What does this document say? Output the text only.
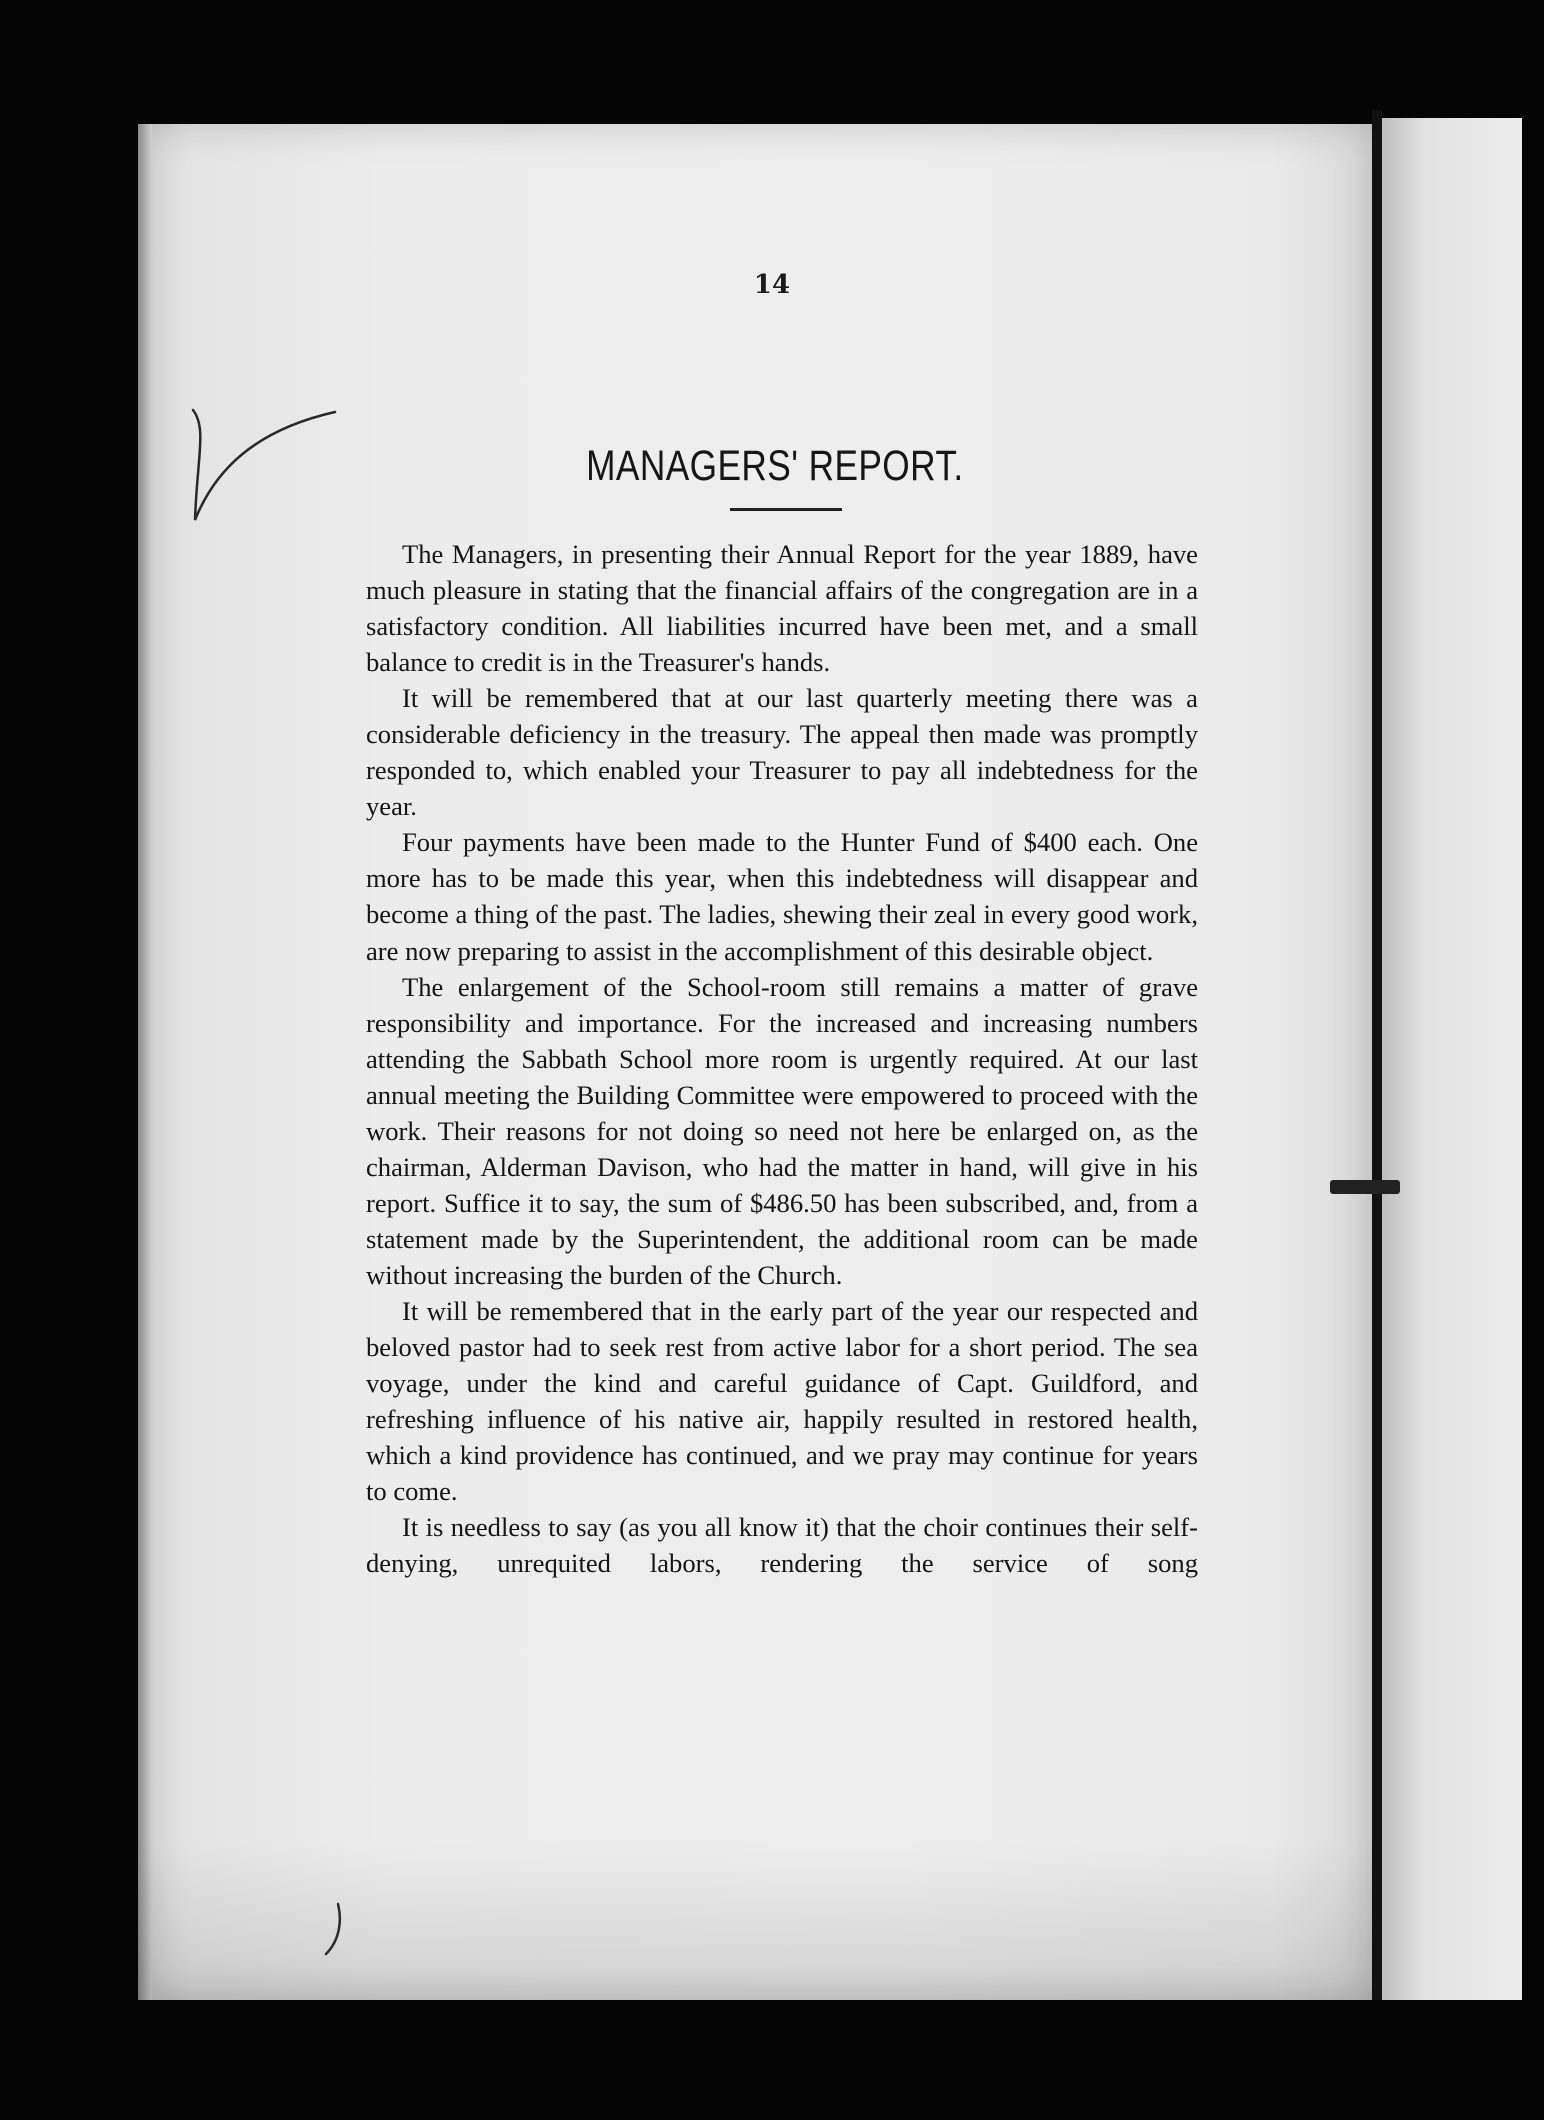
14
MANAGERS' REPORT.

The Managers, in presenting their Annual Report for the year 1889, have much pleasure in stating that the financial affairs of the congregation are in a satisfactory condition. All liabilities incurred have been met, and a small balance to credit is in the Treasurer's hands.

It will be remembered that at our last quarterly meeting there was a considerable deficiency in the treasury. The appeal then made was promptly responded to, which enabled your Treasurer to pay all indebtedness for the year.

Four payments have been made to the Hunter Fund of $400 each. One more has to be made this year, when this indebtedness will disappear and become a thing of the past. The ladies, shewing their zeal in every good work, are now preparing to assist in the accomplishment of this desirable object.

The enlargement of the School-room still remains a matter of grave responsibility and importance. For the increased and increasing numbers attending the Sabbath School more room is urgently required. At our last annual meeting the Building Committee were empowered to proceed with the work. Their reasons for not doing so need not here be enlarged on, as the chairman, Alderman Davison, who had the matter in hand, will give in his report. Suffice it to say, the sum of $486.50 has been subscribed, and, from a statement made by the Superintendent, the additional room can be made without increasing the burden of the Church.

It will be remembered that in the early part of the year our respected and beloved pastor had to seek rest from active labor for a short period. The sea voyage, under the kind and careful guidance of Capt. Guildford, and refreshing influence of his native air, happily resulted in restored health, which a kind providence has continued, and we pray may continue for years to come.

It is needless to say (as you all know it) that the choir continues their self-denying, unrequited labors, rendering the service of song
